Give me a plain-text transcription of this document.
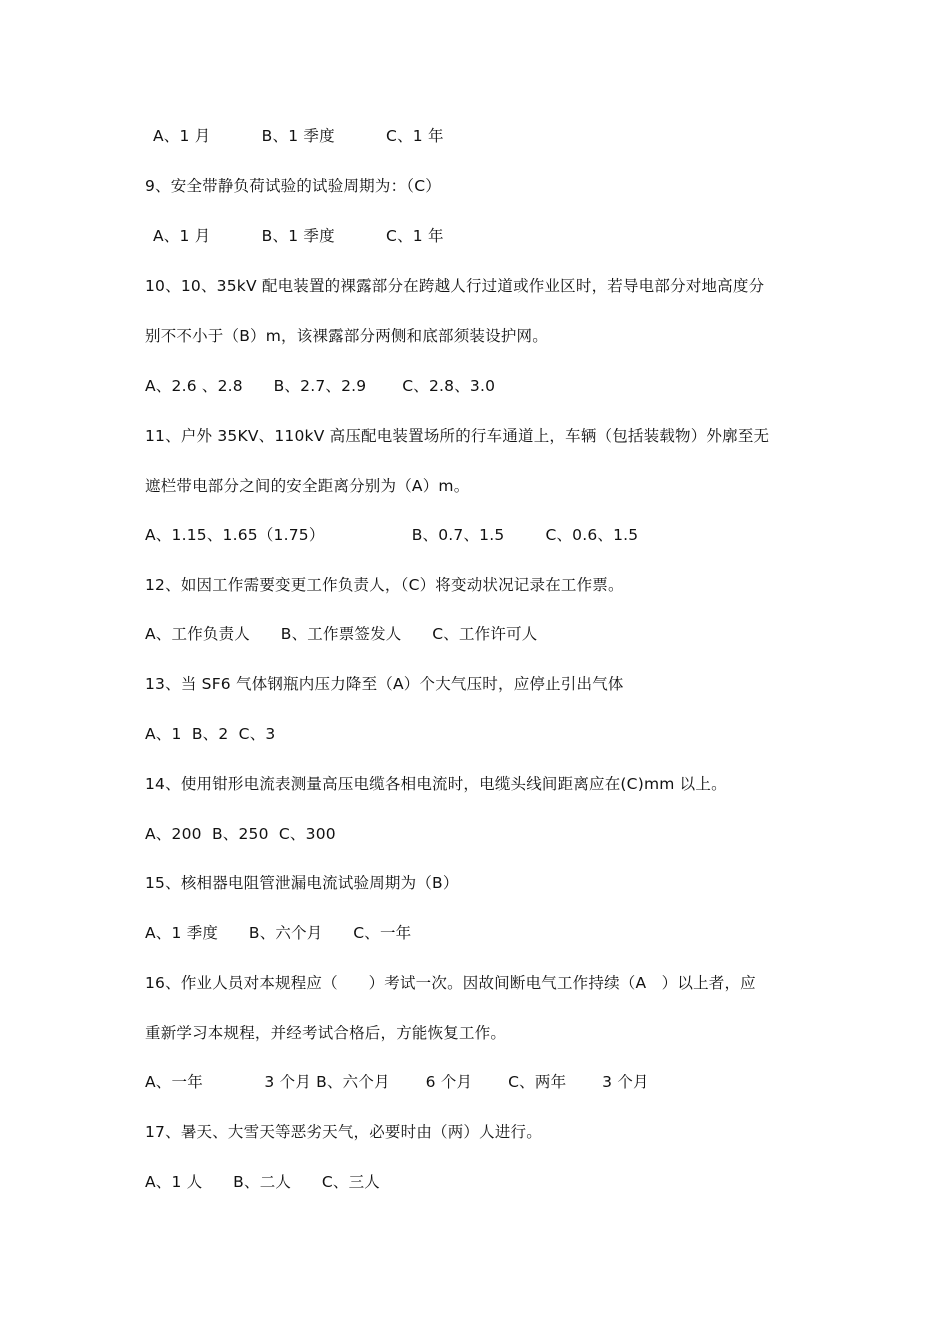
A、1 月          B、1 季度          C、1 年
9、安全带静负荷试验的试验周期为：（C）
A、1 月          B、1 季度          C、1 年
10、10、35kV 配电装置的裸露部分在跨越人行过道或作业区时，若导电部分对地高度分
别不不小于（B）m，该裸露部分两侧和底部须装设护网。
A、2.6 、2.8      B、2.7、2.9       C、2.8、3.0
11、户外 35KV、110kV 高压配电装置场所的行车通道上，车辆（包括装载物）外廓至无
遮栏带电部分之间的安全距离分别为（A）m。
A、1.15、1.65（1.75）                 B、0.7、1.5        C、0.6、1.5
12、如因工作需要变更工作负责人，（C）将变动状况记录在工作票。
A、工作负责人      B、工作票签发人      C、工作许可人
13、当 SF6 气体钢瓶内压力降至（A）个大气压时，应停止引出气体
A、1  B、2  C、3
14、使用钳形电流表测量高压电缆各相电流时，电缆头线间距离应在(C)mm 以上。
A、200  B、250  C、300
15、核相器电阻管泄漏电流试验周期为（B）
A、1 季度      B、六个月      C、一年
16、作业人员对本规程应（      ）考试一次。因故间断电气工作持续（A   ）以上者，应
重新学习本规程，并经考试合格后，方能恢复工作。
A、一年            3 个月 B、六个月       6 个月       C、两年       3 个月
17、暑天、大雪天等恶劣天气，必要时由（两）人进行。
A、1 人      B、二人      C、三人
